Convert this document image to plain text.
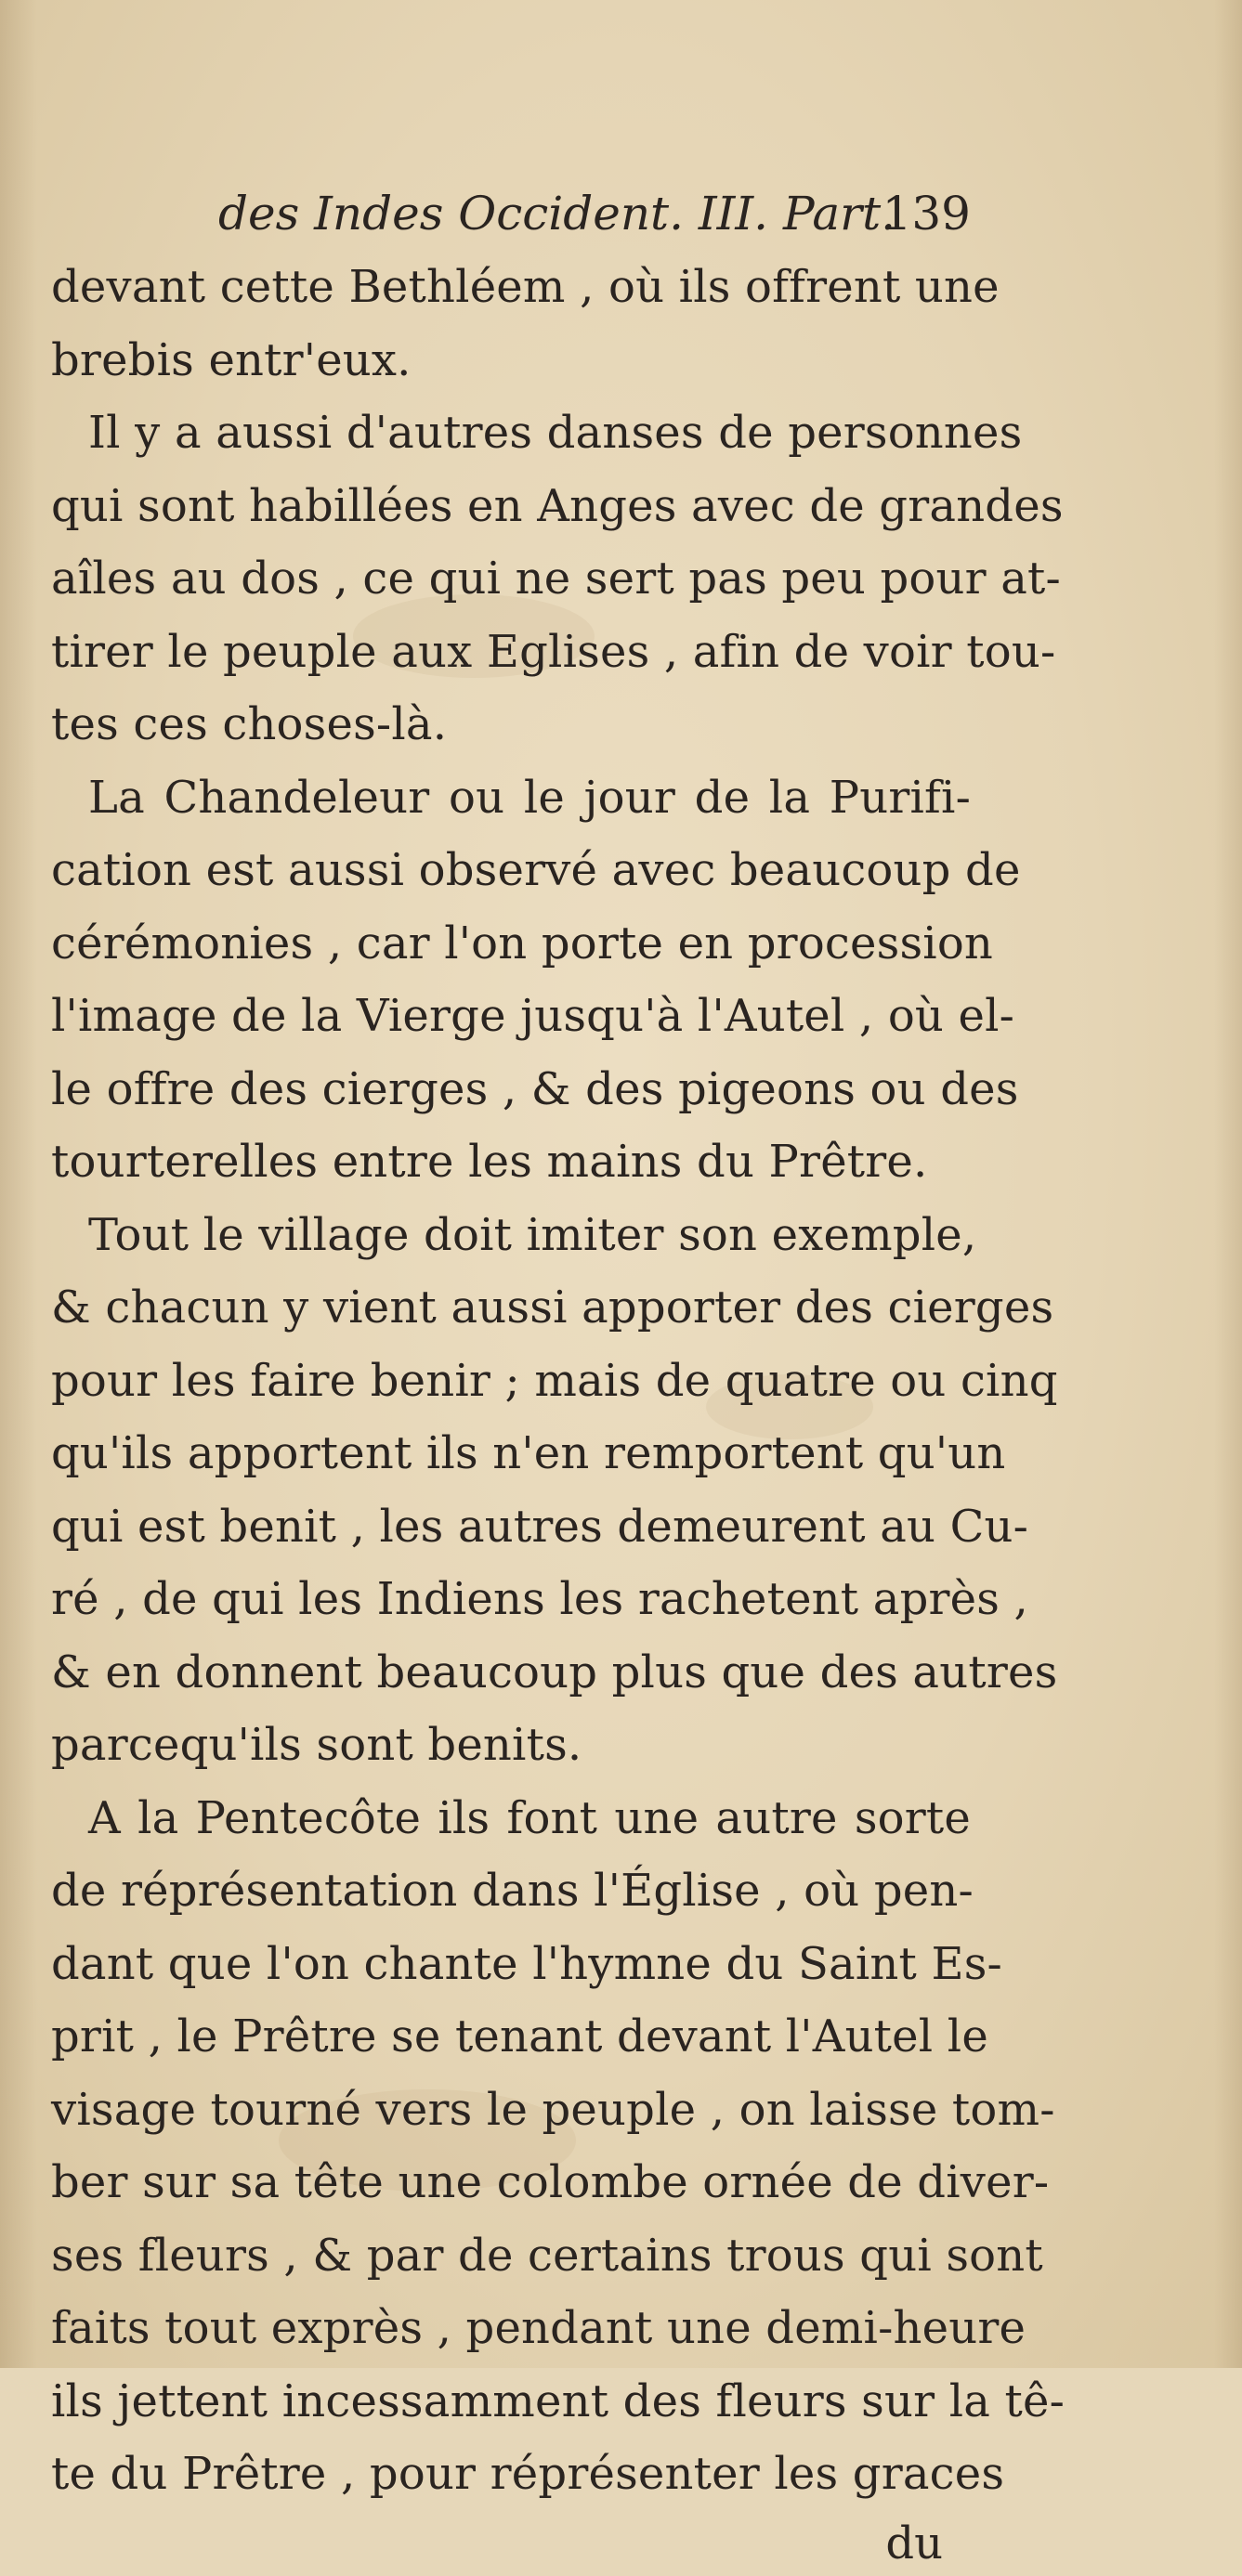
des Indes Occident. III. Part.
139
devant cette Bethléem , où ils offrent une
brebis entr'eux.
Il y a aussi d'autres danses de personnes
qui sont habillées en Anges avec de grandes
aîles au dos , ce qui ne sert pas peu pour at-
tirer le peuple aux Eglises , afin de voir tou-
tes ces choses-là.
La Chandeleur ou le jour de la Purifi-
cation est aussi observé avec beaucoup de
cérémonies , car l'on porte en procession
l'image de la Vierge jusqu'à l'Autel , où el-
le offre des cierges , & des pigeons ou des
tourterelles entre les mains du Prêtre.
Tout le village doit imiter son exemple,
& chacun y vient aussi apporter des cierges
pour les faire benir ; mais de quatre ou cinq
qu'ils apportent ils n'en remportent qu'un
qui est benit , les autres demeurent au Cu-
ré , de qui les Indiens les rachetent après ,
& en donnent beaucoup plus que des autres
parcequ'ils sont benits.
A la Pentecôte ils font une autre sorte
de réprésentation dans l'Église , où pen-
dant que l'on chante l'hymne du Saint Es-
prit , le Prêtre se tenant devant l'Autel le
visage tourné vers le peuple , on laisse tom-
ber sur sa tête une colombe ornée de diver-
ses fleurs , & par de certains trous qui sont
faits tout exprès , pendant une demi-heure
ils jettent incessamment des fleurs sur la tê-
te du Prêtre , pour réprésenter les graces
du
